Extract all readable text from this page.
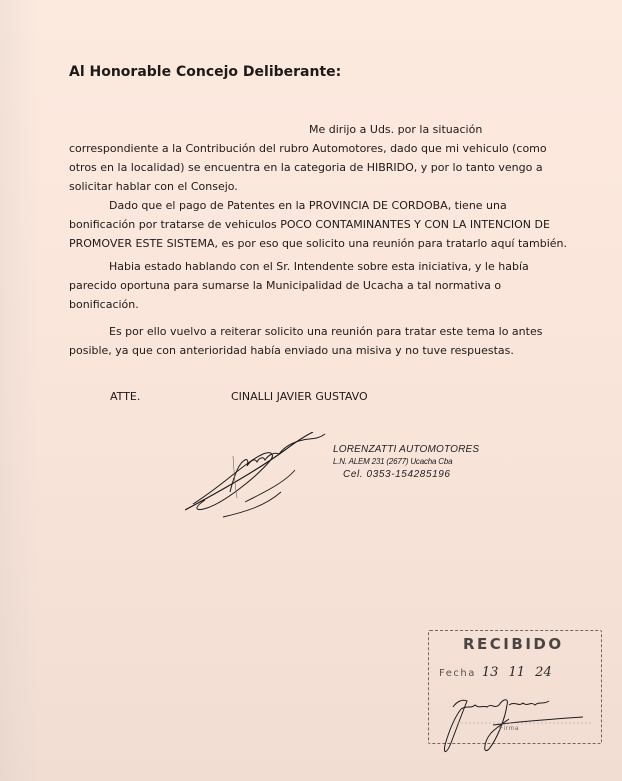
Al Honorable Concejo Deliberante:
Me dirijo a Uds. por la situación
correspondiente a la Contribución del rubro Automotores, dado que mi vehiculo (como
otros en la localidad) se encuentra en la categoria de HIBRIDO, y por lo tanto vengo a
solicitar hablar con el Consejo.
Dado que el pago de Patentes en la PROVINCIA DE CORDOBA, tiene una
bonificación por tratarse de vehiculos POCO CONTAMINANTES Y CON LA INTENCION DE
PROMOVER ESTE SISTEMA, es por eso que solicito una reunión para tratarlo aquí también.
Habia estado hablando con el Sr. Intendente sobre esta iniciativa, y le había
parecido oportuna para sumarse la Municipalidad de Ucacha a tal normativa o
bonificación.
Es por ello vuelvo a reiterar solicito una reunión para tratar este tema lo antes
posible, ya que con anterioridad había enviado una misiva y no tuve respuestas.
ATTE.	CINALLI JAVIER GUSTAVO
LORENZATTI AUTOMOTORES
L.N. ALEM 231 (2677) Ucacha Cba
Cel. 0353-154285196
RECIBIDO
Fecha 13 11 24
Firma
